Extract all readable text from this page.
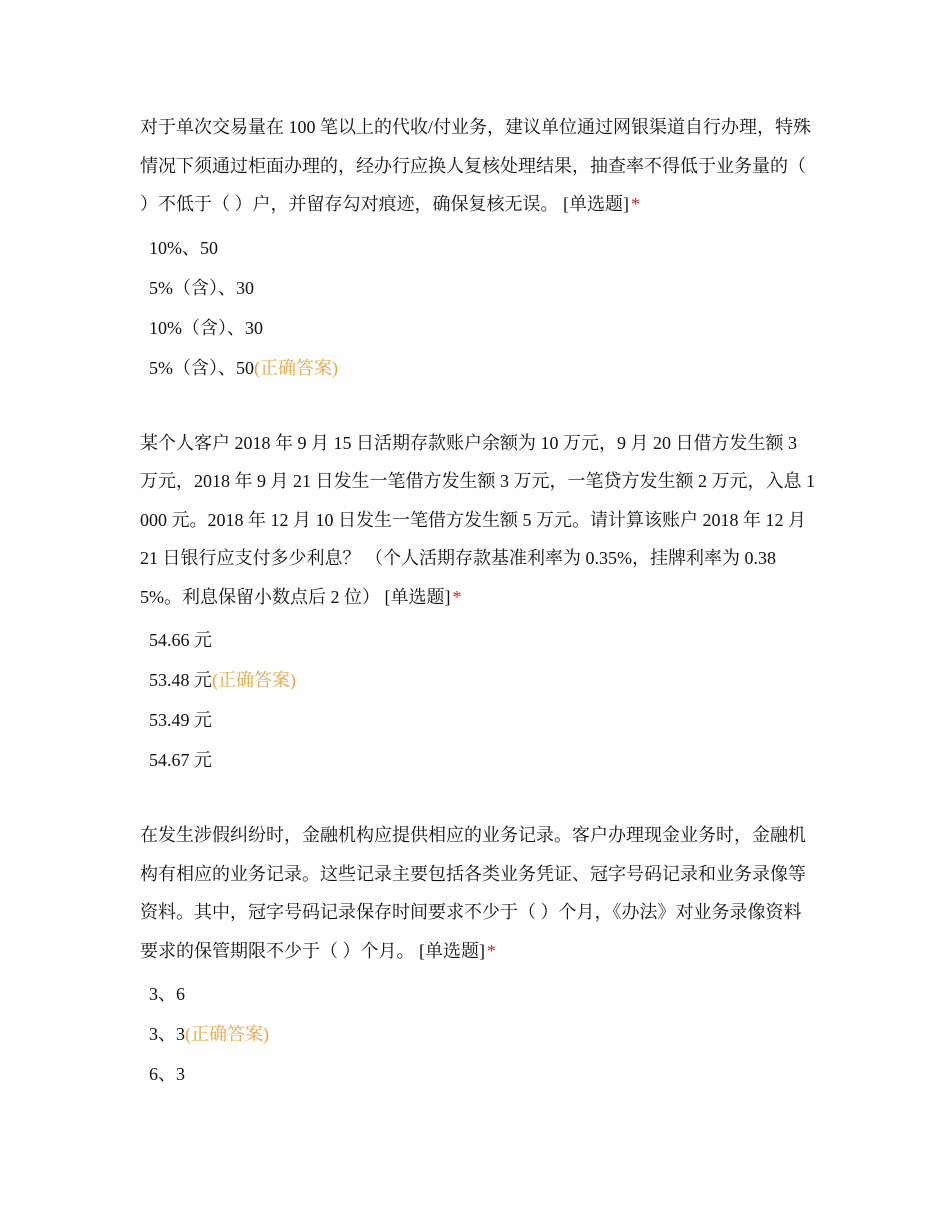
对于单次交易量在 100 笔以上的代收/付业务，建议单位通过网银渠道自行办理，特殊情况下须通过柜面办理的，经办行应换人复核处理结果，抽查率不得低于业务量的（ ）不低于（ ）户，并留存勾对痕迹，确保复核无误。 [单选题] *

10%、50
5%（含）、30
10%（含）、30
5%（含）、50(正确答案)

某个人客户 2018 年 9 月 15 日活期存款账户余额为 10 万元，9 月 20 日借方发生额 3 万元，2018 年 9 月 21 日发生一笔借方发生额 3 万元，一笔贷方发生额 2 万元，入息 1000 元。2018 年 12 月 10 日发生一笔借方发生额 5 万元。请计算该账户 2018 年 12 月 21 日银行应支付多少利息？ （个人活期存款基准利率为 0.35%，挂牌利率为 0.385%。利息保留小数点后 2 位） [单选题] *

54.66 元
53.48 元(正确答案)
53.49 元
54.67 元

在发生涉假纠纷时，金融机构应提供相应的业务记录。客户办理现金业务时，金融机构有相应的业务记录。这些记录主要包括各类业务凭证、冠字号码记录和业务录像等资料。其中，冠字号码记录保存时间要求不少于（ ）个月，《办法》对业务录像资料要求的保管期限不少于（ ）个月。 [单选题] *

3、6
3、3(正确答案)
6、3
